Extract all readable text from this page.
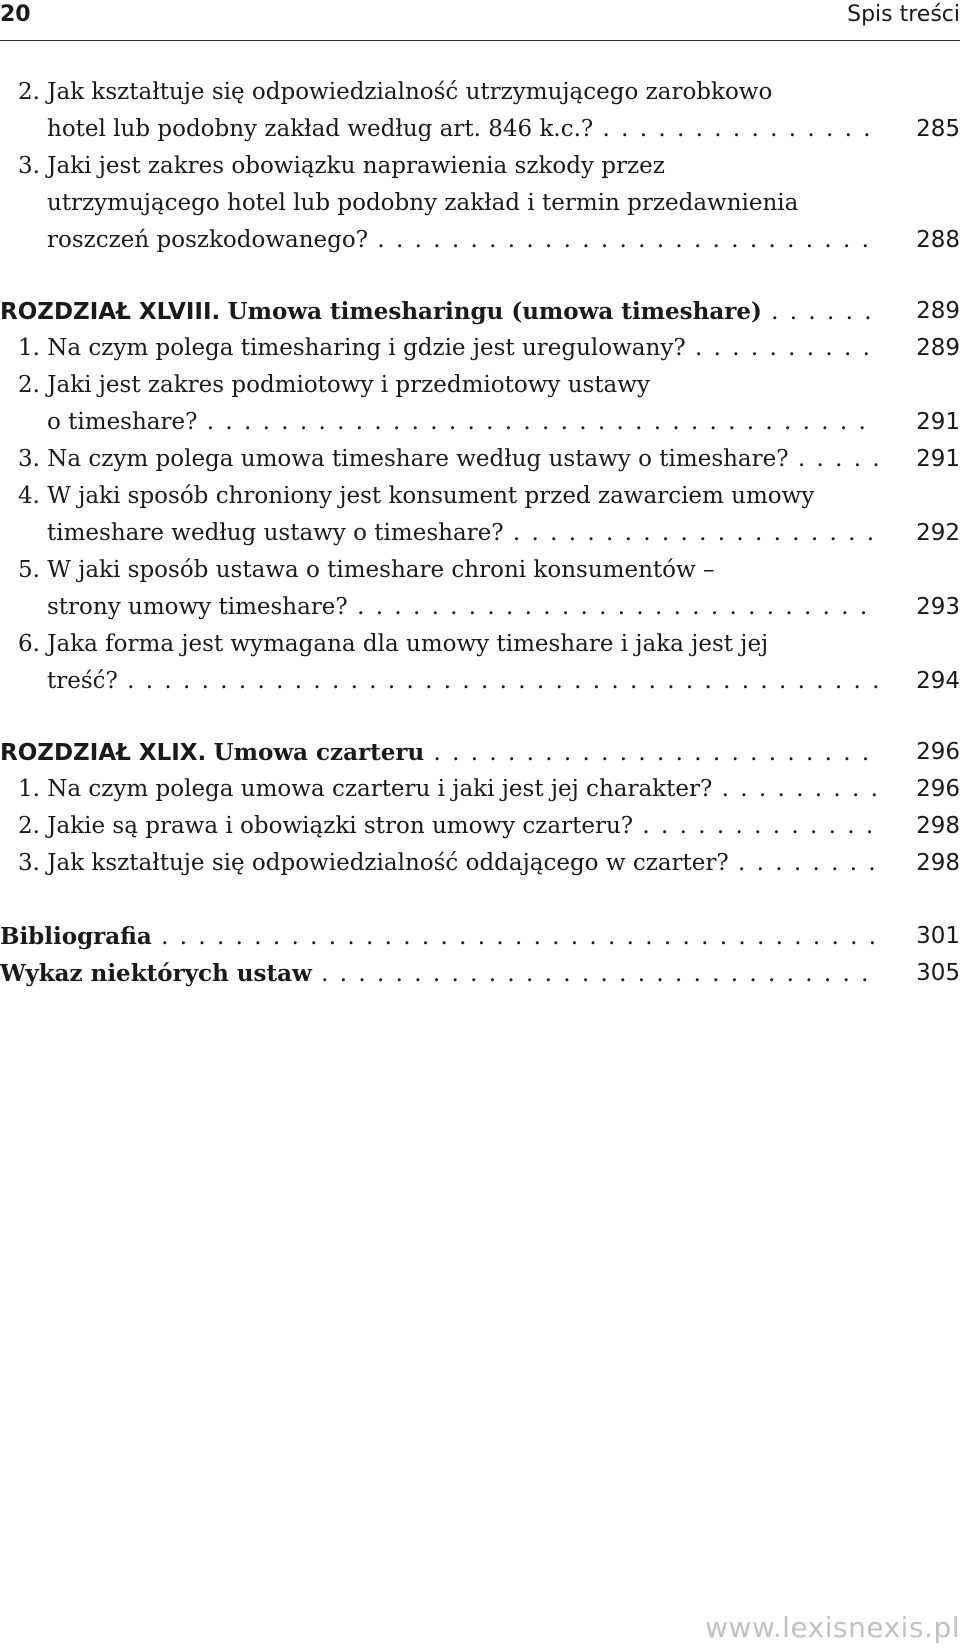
20	Spis treści
2. Jak kształtuje się odpowiedzialność utrzymującego zarobkowo
hotel lub podobny zakład według art. 846 k.c.? . . .	285
3. Jaki jest zakres obowiązku naprawienia szkody przez
utrzymującego hotel lub podobny zakład i termin przedawnienia
roszczeń poszkodowanego? . . .	288
ROZDZIAŁ XLVIII. Umowa timesharingu (umowa timeshare) . . .	289
1. Na czym polega timesharing i gdzie jest uregulowany? . . .	289
2. Jaki jest zakres podmiotowy i przedmiotowy ustawy
o timeshare? . . .	291
3. Na czym polega umowa timeshare według ustawy o timeshare? . . .	291
4. W jaki sposób chroniony jest konsument przed zawarciem umowy
timeshare według ustawy o timeshare? . . .	292
5. W jaki sposób ustawa o timeshare chroni konsumentów –
strony umowy timeshare? . . .	293
6. Jaka forma jest wymagana dla umowy timeshare i jaka jest jej
treść? . . .	294
ROZDZIAŁ XLIX. Umowa czarteru . . .	296
1. Na czym polega umowa czarteru i jaki jest jej charakter? . . .	296
2. Jakie są prawa i obowiązki stron umowy czarteru? . . .	298
3. Jak kształtuje się odpowiedzialność oddającego w czarter? . . .	298
Bibliografia . . .	301
Wykaz niektórych ustaw . . .	305
www.lexisnexis.pl
